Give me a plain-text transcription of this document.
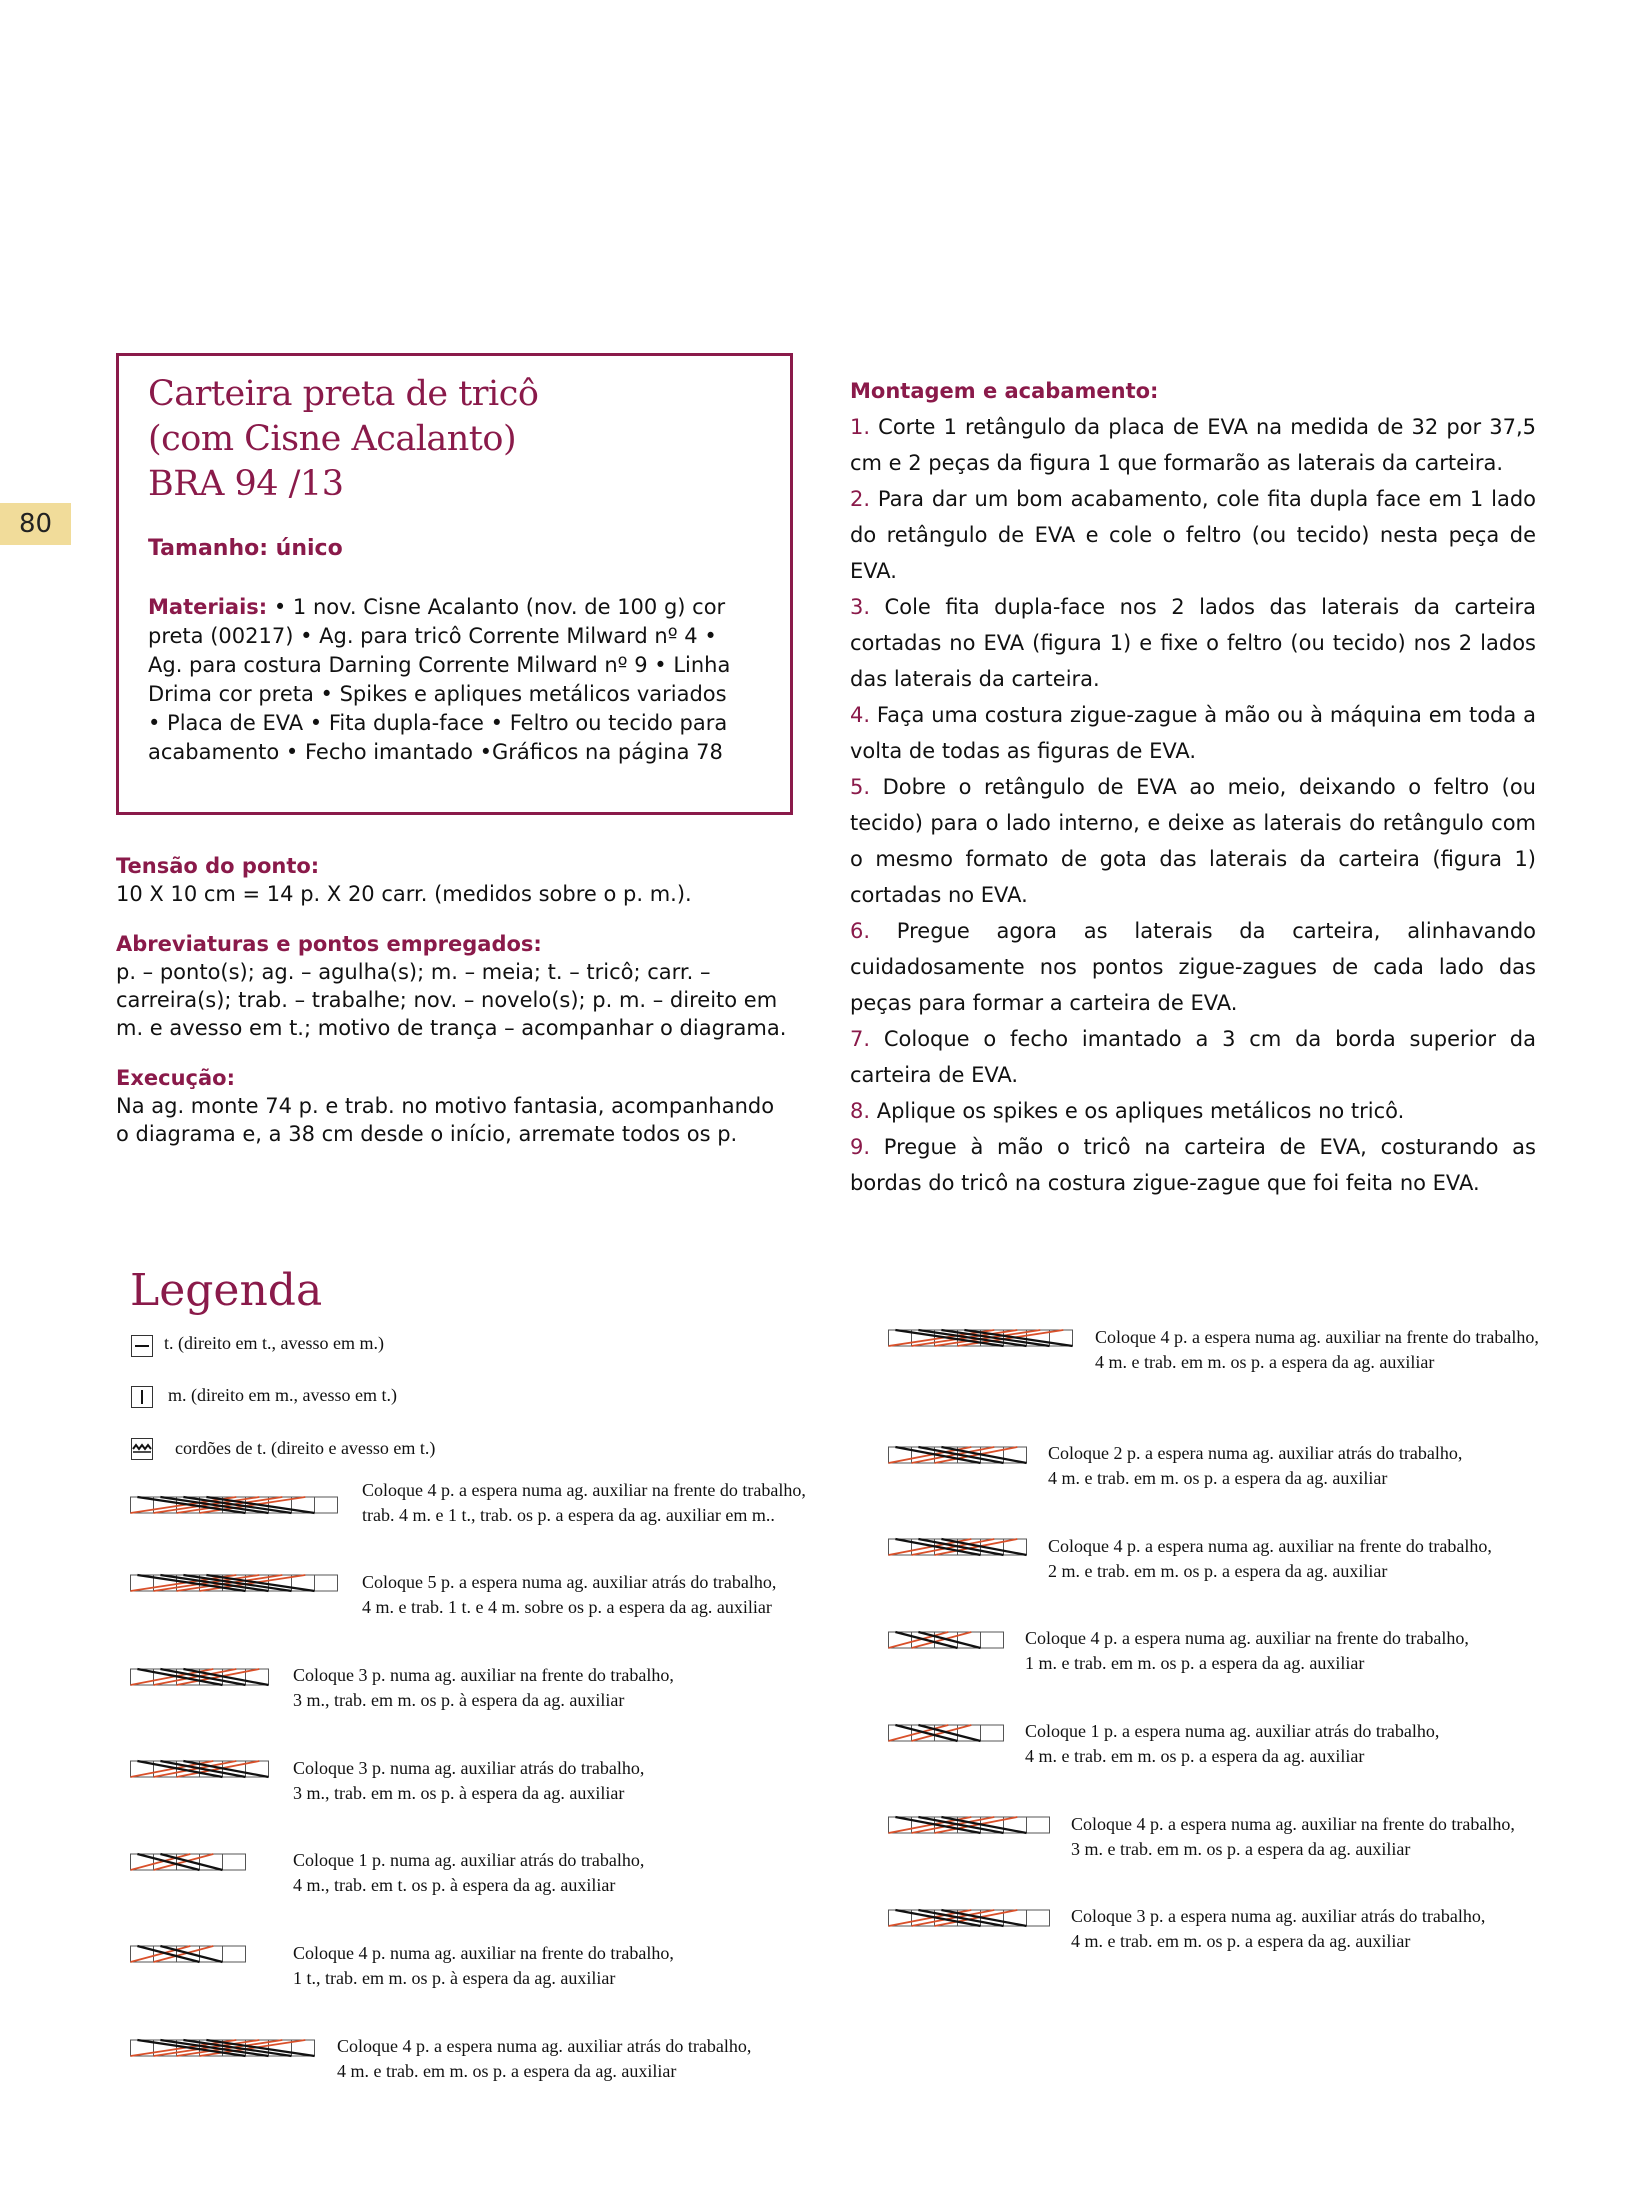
80
Carteira preta de tricô
(com Cisne Acalanto)
BRA 94 /13
Tamanho: único
Materiais: • 1 nov. Cisne Acalanto (nov. de 100 g) cor
preta (00217) • Ag. para tricô Corrente Milward nº 4 •
Ag. para costura Darning Corrente Milward nº 9 • Linha
Drima cor preta • Spikes e apliques metálicos variados
• Placa de EVA • Fita dupla-face • Feltro ou tecido para
acabamento • Fecho imantado •Gráficos na página 78
Tensão do ponto:
10 X 10 cm = 14 p. X 20 carr. (medidos sobre o p. m.).
Abreviaturas e pontos empregados:
p. – ponto(s); ag. – agulha(s); m. – meia; t. – tricô; carr. –
carreira(s); trab. – trabalhe; nov. – novelo(s); p. m. – direito em
m. e avesso em t.; motivo de trança – acompanhar o diagrama.
Execução:
Na ag. monte 74 p. e trab. no motivo fantasia, acompanhando
o diagrama e, a 38 cm desde o início, arremate todos os p.
Montagem e acabamento:
1. Corte 1 retângulo da placa de EVA na medida de 32 por 37,5 cm e 2 peças da figura 1 que formarão as laterais da carteira.
2. Para dar um bom acabamento, cole fita dupla face em 1 lado do retângulo de EVA e cole o feltro (ou tecido) nesta peça de EVA.
3. Cole fita dupla-face nos 2 lados das laterais da carteira cortadas no EVA (figura 1) e fixe o feltro (ou tecido) nos 2 lados das laterais da carteira.
4. Faça uma costura zigue-zague à mão ou à máquina em toda a volta de todas as figuras de EVA.
5. Dobre o retângulo de EVA ao meio, deixando o feltro (ou tecido) para o lado interno, e deixe as laterais do retângulo com o mesmo formato de gota das laterais da carteira (figura 1) cortadas no EVA.
6. Pregue agora as laterais da carteira, alinhavando cuidadosamente nos pontos zigue-zagues de cada lado das peças para formar a carteira de EVA.
7. Coloque o fecho imantado a 3 cm da borda superior da carteira de EVA.
8. Aplique os spikes e os apliques metálicos no tricô.
9. Pregue à mão o tricô na carteira de EVA, costurando as bordas do tricô na costura zigue-zague que foi feita no EVA.
Legenda
t. (direito em t., avesso em m.)
m. (direito em m., avesso em t.)
cordões de t. (direito e avesso em t.)
Coloque 4 p. a espera numa ag. auxiliar na frente do trabalho,
trab. 4 m. e 1 t., trab. os p. a espera da ag. auxiliar em m..
Coloque 5 p. a espera numa ag. auxiliar atrás do trabalho,
4 m. e trab. 1 t. e 4 m. sobre os p. a espera da ag. auxiliar
Coloque 3 p. numa ag. auxiliar na frente do trabalho,
3 m., trab. em m. os p. à espera da ag. auxiliar
Coloque 3 p. numa ag. auxiliar atrás do trabalho,
3 m., trab. em m. os p. à espera da ag. auxiliar
Coloque 1 p. numa ag. auxiliar atrás do trabalho,
4 m., trab. em t. os p. à espera da ag. auxiliar
Coloque 4 p. numa ag. auxiliar na frente do trabalho,
1 t., trab. em m. os p. à espera da ag. auxiliar
Coloque 4 p. a espera numa ag. auxiliar atrás do trabalho,
4 m. e trab. em m. os p. a espera da ag. auxiliar
Coloque 4 p. a espera numa ag. auxiliar na frente do trabalho,
4 m. e trab. em m. os p. a espera da ag. auxiliar
Coloque 2 p. a espera numa ag. auxiliar atrás do trabalho,
4 m. e trab. em m. os p. a espera da ag. auxiliar
Coloque 4 p. a espera numa ag. auxiliar na frente do trabalho,
2 m. e trab. em m. os p. a espera da ag. auxiliar
Coloque 4 p. a espera numa ag. auxiliar na frente do trabalho,
1 m. e trab. em m. os p. a espera da ag. auxiliar
Coloque 1 p. a espera numa ag. auxiliar atrás do trabalho,
4 m. e trab. em m. os p. a espera da ag. auxiliar
Coloque 4 p. a espera numa ag. auxiliar na frente do trabalho,
3 m. e trab. em m. os p. a espera da ag. auxiliar
Coloque 3 p. a espera numa ag. auxiliar atrás do trabalho,
4 m. e trab. em m. os p. a espera da ag. auxiliar
